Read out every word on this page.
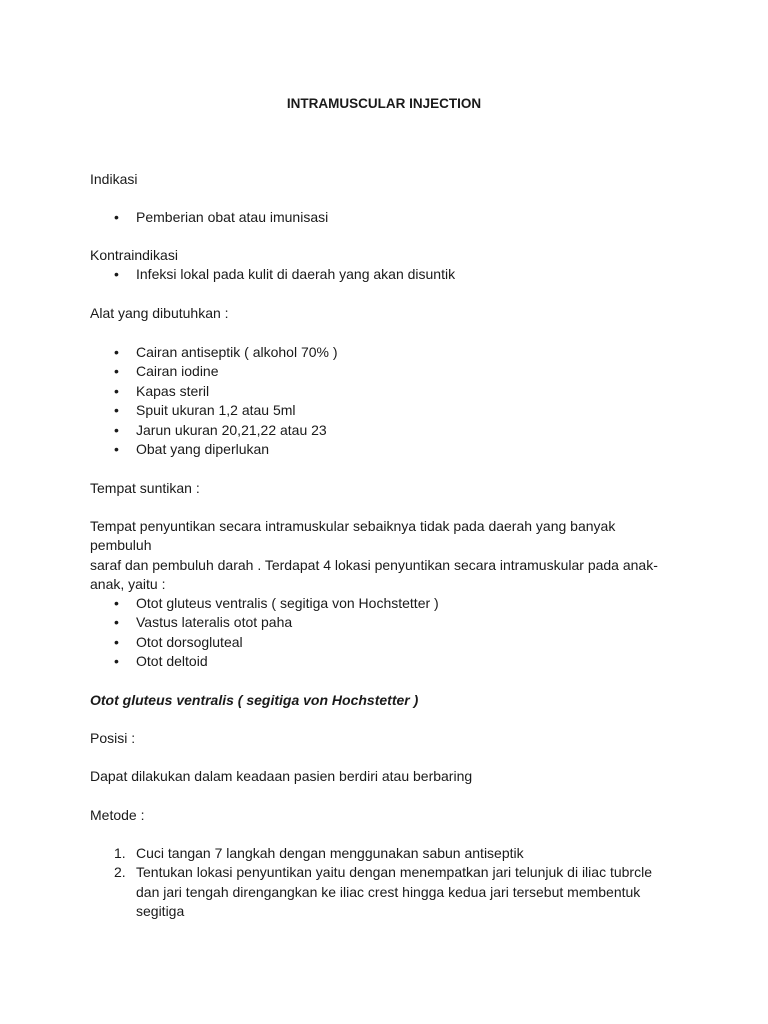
INTRAMUSCULAR INJECTION

Indikasi

• Pemberian obat atau imunisasi

Kontraindikasi

• Infeksi lokal pada kulit di daerah yang akan disuntik

Alat yang dibutuhkan :

• Cairan antiseptik ( alkohol 70% )
• Cairan iodine
• Kapas steril
• Spuit ukuran 1,2 atau 5ml
• Jarun ukuran 20,21,22 atau 23
• Obat yang diperlukan

Tempat suntikan :

Tempat penyuntikan secara intramuskular sebaiknya tidak pada daerah yang banyak pembuluh

saraf dan pembuluh darah . Terdapat 4 lokasi penyuntikan secara intramuskular pada anak-

anak, yaitu :

• Otot gluteus ventralis ( segitiga von Hochstetter )
• Vastus lateralis otot paha
• Otot dorsogluteal
• Otot deltoid

Otot gluteus ventralis ( segitiga von Hochstetter )

Posisi :

Dapat dilakukan dalam keadaan pasien berdiri atau berbaring

Metode :

1. Cuci tangan 7 langkah dengan menggunakan sabun antiseptik
2. Tentukan lokasi penyuntikan yaitu dengan menempatkan jari telunjuk di iliac tubrcle
dan jari tengah direngangkan ke iliac crest hingga kedua jari tersebut membentuk
segitiga
